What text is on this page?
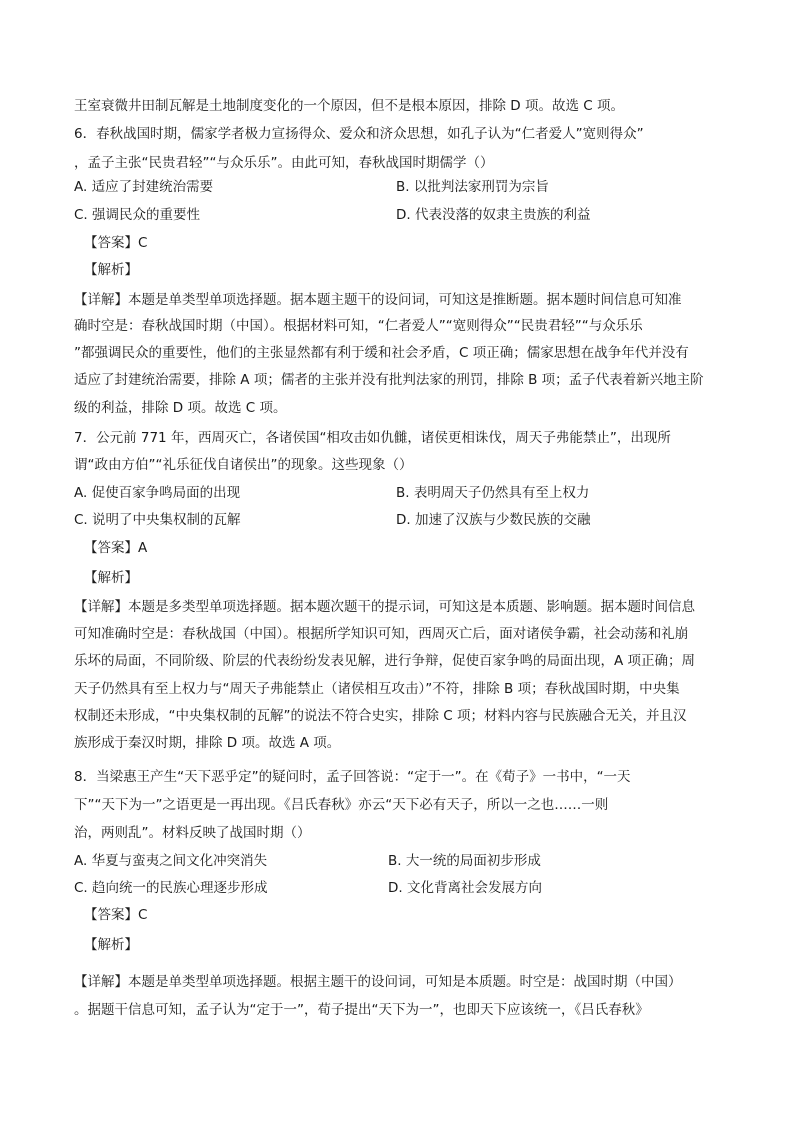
王室衰微井田制瓦解是土地制度变化的一个原因，但不是根本原因，排除 D 项。故选 C 项。
6．春秋战国时期，儒家学者极力宣扬得众、爱众和济众思想，如孔子认为“仁者爱人”宽则得众”
，孟子主张“民贵君轻”“与众乐乐”。由此可知，春秋战国时期儒学（）
A. 适应了封建统治需要	B. 以批判法家刑罚为宗旨
C. 强调民众的重要性	D. 代表没落的奴隶主贵族的利益
【答案】C
【解析】
【详解】本题是单类型单项选择题。据本题主题干的设问词，可知这是推断题。据本题时间信息可知准
确时空是：春秋战国时期（中国）。根据材料可知，“仁者爱人”“宽则得众”“民贵君轻”“与众乐乐
”都强调民众的重要性，他们的主张显然都有利于缓和社会矛盾，C 项正确；儒家思想在战争年代并没有
适应了封建统治需要，排除 A 项；儒者的主张并没有批判法家的刑罚，排除 B 项；孟子代表着新兴地主阶
级的利益，排除 D 项。故选 C 项。
7．公元前 771 年，西周灭亡，各诸侯国“相攻击如仇雠，诸侯更相诛伐，周天子弗能禁止”，出现所
谓“政由方伯”“礼乐征伐自诸侯出”的现象。这些现象（）
A. 促使百家争鸣局面的出现	B. 表明周天子仍然具有至上权力
C. 说明了中央集权制的瓦解	D. 加速了汉族与少数民族的交融
【答案】A
【解析】
【详解】本题是多类型单项选择题。据本题次题干的提示词，可知这是本质题、影响题。据本题时间信息
可知准确时空是：春秋战国（中国）。根据所学知识可知，西周灭亡后，面对诸侯争霸，社会动荡和礼崩
乐坏的局面，不同阶级、阶层的代表纷纷发表见解，进行争辩，促使百家争鸣的局面出现，A 项正确；周
天子仍然具有至上权力与“周天子弗能禁止（诸侯相互攻击）”不符，排除 B 项；春秋战国时期，中央集
权制还未形成，“中央集权制的瓦解”的说法不符合史实，排除 C 项；材料内容与民族融合无关，并且汉
族形成于秦汉时期，排除 D 项。故选 A 项。
8．当梁惠王产生“天下恶乎定”的疑问时，孟子回答说：“定于一”。在《荀子》一书中，“一天
下”“天下为一”之语更是一再出现。《吕氏春秋》亦云“天下必有天子，所以一之也……一则
治，两则乱”。材料反映了战国时期（）
A. 华夏与蛮夷之间文化冲突消失	B. 大一统的局面初步形成
C. 趋向统一的民族心理逐步形成	D. 文化背离社会发展方向
【答案】C
【解析】
【详解】本题是单类型单项选择题。根据主题干的设问词，可知是本质题。时空是：战国时期（中国）
。据题干信息可知，孟子认为“定于一”，荀子提出“天下为一”，也即天下应该统一，《吕氏春秋》
